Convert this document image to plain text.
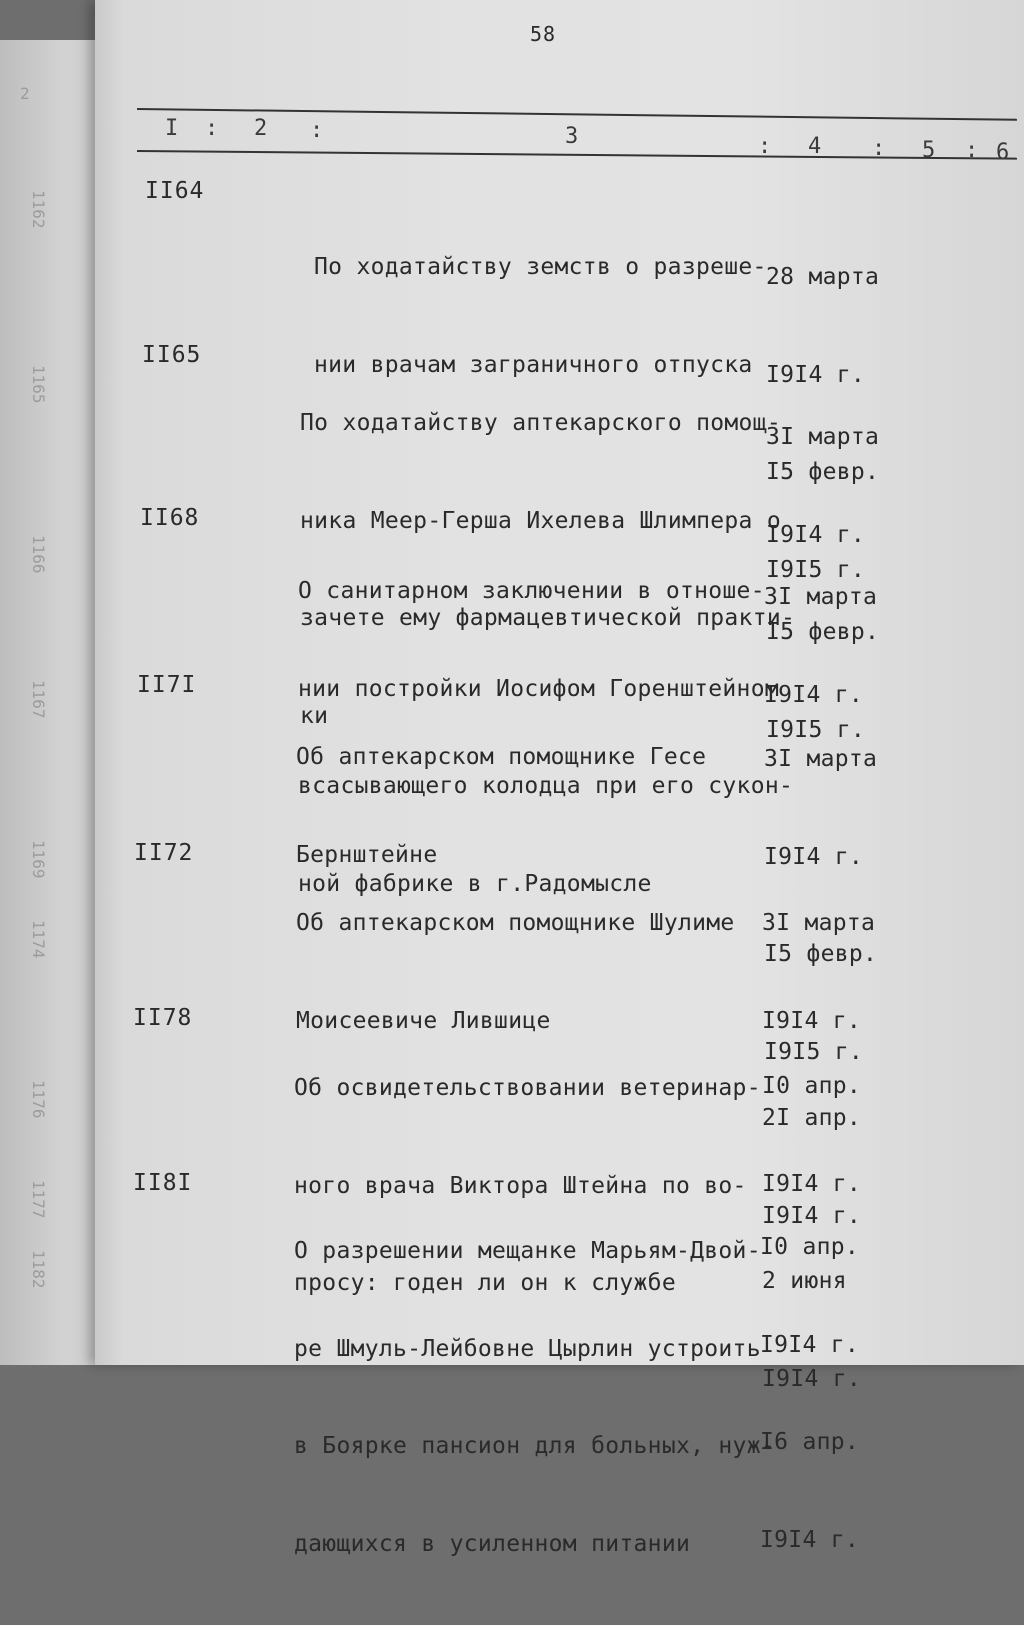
2
1162
1165
1166
1167
1169
1174
1176
1177
1182
58
I : 2 :	3	: 4 : 5 : 6
II64

По ходатайству земств о разреше-

нии врачам заграничного отпуска

28 марта

I9I4 г.

I5 февр.

I9I5 г.

II65

По ходатайству аптекарского помощ-

ника Меер-Герша Ихелева Шлимпера о

зачете ему фармацевтической практи-

ки

3I марта

I9I4 г.

I5 февр.

I9I5 г.

II68

О санитарном заключении в отноше-

нии постройки Иосифом Горенштейном

всасывающего колодца при его сукон-

ной фабрике в г.Радомысле

3I марта

I9I4 г.

II7I

Об аптекарском помощнике Гесе

Бернштейне

3I марта

I9I4 г.

I5 февр.

I9I5 г.

II72

Об аптекарском помощнике Шулиме

Моисеевиче Лившице

3I марта

I9I4 г.

2I апр.

I9I4 г.

II78

Об освидетельствовании ветеринар-

ного врача Виктора Штейна по во-

просу: годен ли он к службе

I0 апр.

I9I4 г.

2 июня

I9I4 г.

II8I

О разрешении мещанке Марьям-Двой-

ре Шмуль-Лейбовне Цырлин устроить

в Боярке пансион для больных, нуж-

дающихся в усиленном питании

I0 апр.

I9I4 г.

I6 апр.

I9I4 г.
